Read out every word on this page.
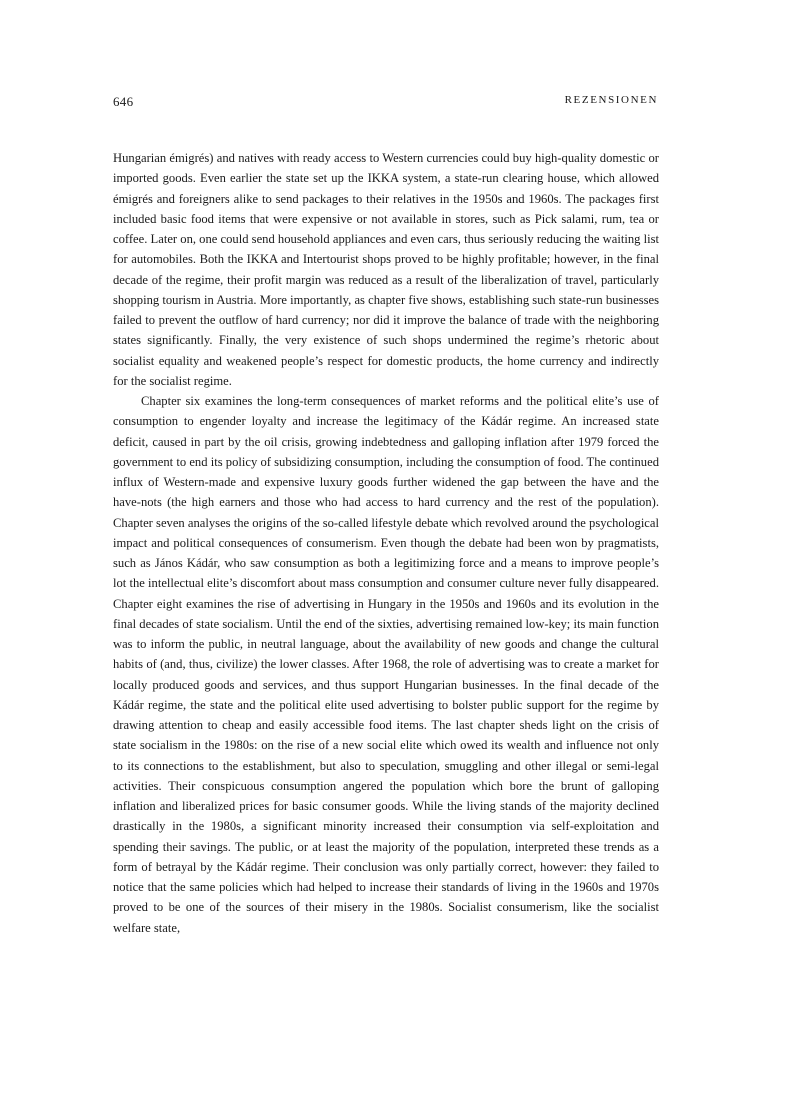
646	REZENSIONEN

Hungarian émigrés) and natives with ready access to Western currencies could buy high-quality domestic or imported goods. Even earlier the state set up the IKKA system, a state-run clearing house, which allowed émigrés and foreigners alike to send packages to their relatives in the 1950s and 1960s. The packages first included basic food items that were expensive or not available in stores, such as Pick salami, rum, tea or coffee. Later on, one could send household appliances and even cars, thus seriously reducing the waiting list for automobiles. Both the IKKA and Intertourist shops proved to be highly profitable; however, in the final decade of the regime, their profit margin was reduced as a result of the liberalization of travel, particularly shopping tourism in Austria. More importantly, as chapter five shows, establishing such state-run businesses failed to prevent the outflow of hard currency; nor did it improve the balance of trade with the neighboring states significantly. Finally, the very existence of such shops undermined the regime’s rhetoric about socialist equality and weakened people’s respect for domestic products, the home currency and indirectly for the socialist regime.

Chapter six examines the long-term consequences of market reforms and the political elite’s use of consumption to engender loyalty and increase the legitimacy of the Kádár regime. An increased state deficit, caused in part by the oil crisis, growing indebtedness and galloping inflation after 1979 forced the government to end its policy of subsidizing consumption, including the consumption of food. The continued influx of Western-made and expensive luxury goods further widened the gap between the have and the have-nots (the high earners and those who had access to hard currency and the rest of the population). Chapter seven analyses the origins of the so-called lifestyle debate which revolved around the psychological impact and political consequences of consumerism. Even though the debate had been won by pragmatists, such as János Kádár, who saw consumption as both a legitimizing force and a means to improve people’s lot the intellectual elite’s discomfort about mass consumption and consumer culture never fully disappeared. Chapter eight examines the rise of advertising in Hungary in the 1950s and 1960s and its evolution in the final decades of state socialism. Until the end of the sixties, advertising remained low-key; its main function was to inform the public, in neutral language, about the availability of new goods and change the cultural habits of (and, thus, civilize) the lower classes. After 1968, the role of advertising was to create a market for locally produced goods and services, and thus support Hungarian businesses. In the final decade of the Kádár regime, the state and the political elite used advertising to bolster public support for the regime by drawing attention to cheap and easily accessible food items. The last chapter sheds light on the crisis of state socialism in the 1980s: on the rise of a new social elite which owed its wealth and influence not only to its connections to the establishment, but also to speculation, smuggling and other illegal or semi-legal activities. Their conspicuous consumption angered the population which bore the brunt of galloping inflation and liberalized prices for basic consumer goods. While the living stands of the majority declined drastically in the 1980s, a significant minority increased their consumption via self-exploitation and spending their savings. The public, or at least the majority of the population, interpreted these trends as a form of betrayal by the Kádár regime. Their conclusion was only partially correct, however: they failed to notice that the same policies which had helped to increase their standards of living in the 1960s and 1970s proved to be one of the sources of their misery in the 1980s. Socialist consumerism, like the socialist welfare state,
